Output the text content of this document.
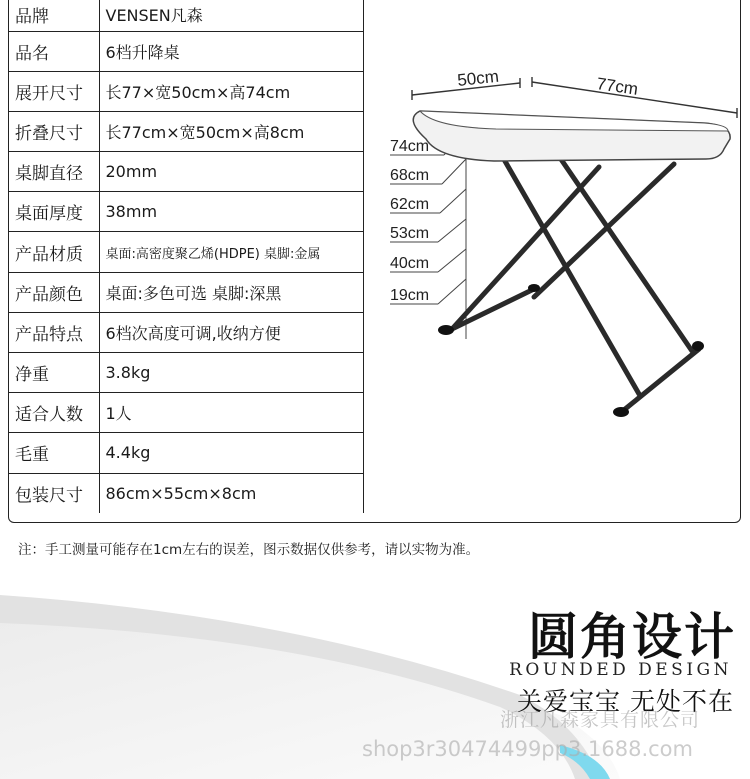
品牌	VENSEN凡森
品名	6档升降桌
展开尺寸	长77×宽50cm×高74cm
折叠尺寸	长77cm×宽50cm×高8cm
桌脚直径	20mm
桌面厚度	38mm
产品材质	桌面:高密度聚乙烯(HDPE) 桌脚:金属
产品颜色	桌面:多色可选 桌脚:深黑
产品特点	6档次高度可调,收纳方便
净重	3.8kg
适合人数	1人
毛重	4.4kg
包装尺寸	86cm×55cm×8cm
50cm	77cm
74cm
68cm
62cm
53cm
40cm
19cm
注：手工测量可能存在1cm左右的误差，图示数据仅供参考，请以实物为准。
圆角设计
ROUNDED DESIGN
关爱宝宝 无处不在
浙江凡森家具有限公司
shop3r30474499pp3.1688.com
